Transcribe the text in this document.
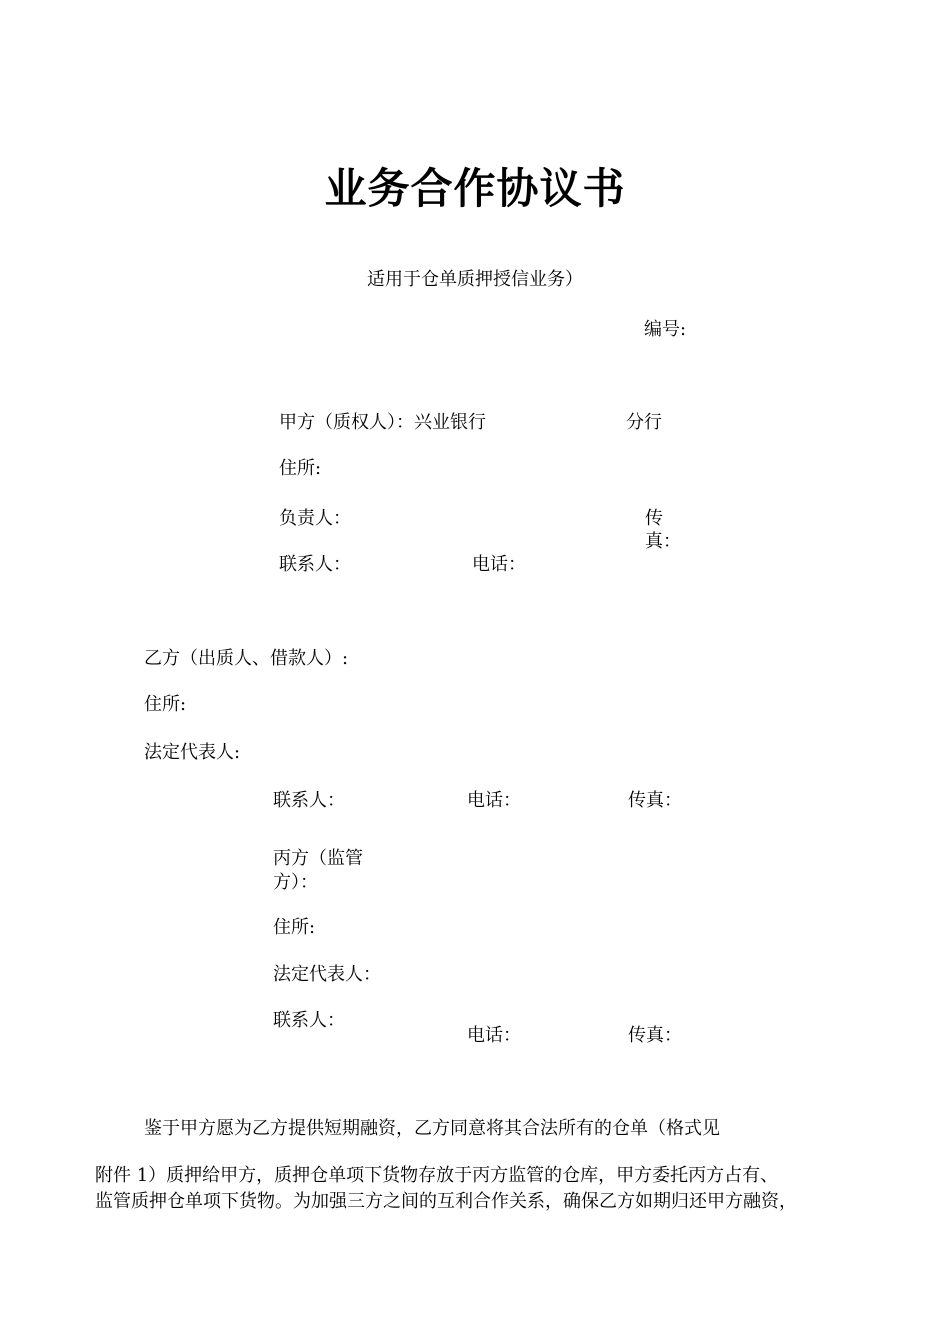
业务合作协议书
适用于仓单质押授信业务）
编号:
甲方（质权人）：兴业银行	分行
住所:
负责人：	传真：
联系人：	电话：
乙方（出质人、借款人）:
住所:
法定代表人:
联系人：	电话：	传真：
丙方（监管方）：
住所:
法定代表人：
联系人：
电话：	传真：
鉴于甲方愿为乙方提供短期融资，乙方同意将其合法所有的仓单（格式见
附件 1）质押给甲方，质押仓单项下货物存放于丙方监管的仓库，甲方委托丙方占有、
监管质押仓单项下货物。为加强三方之间的互利合作关系，确保乙方如期归还甲方融资，
